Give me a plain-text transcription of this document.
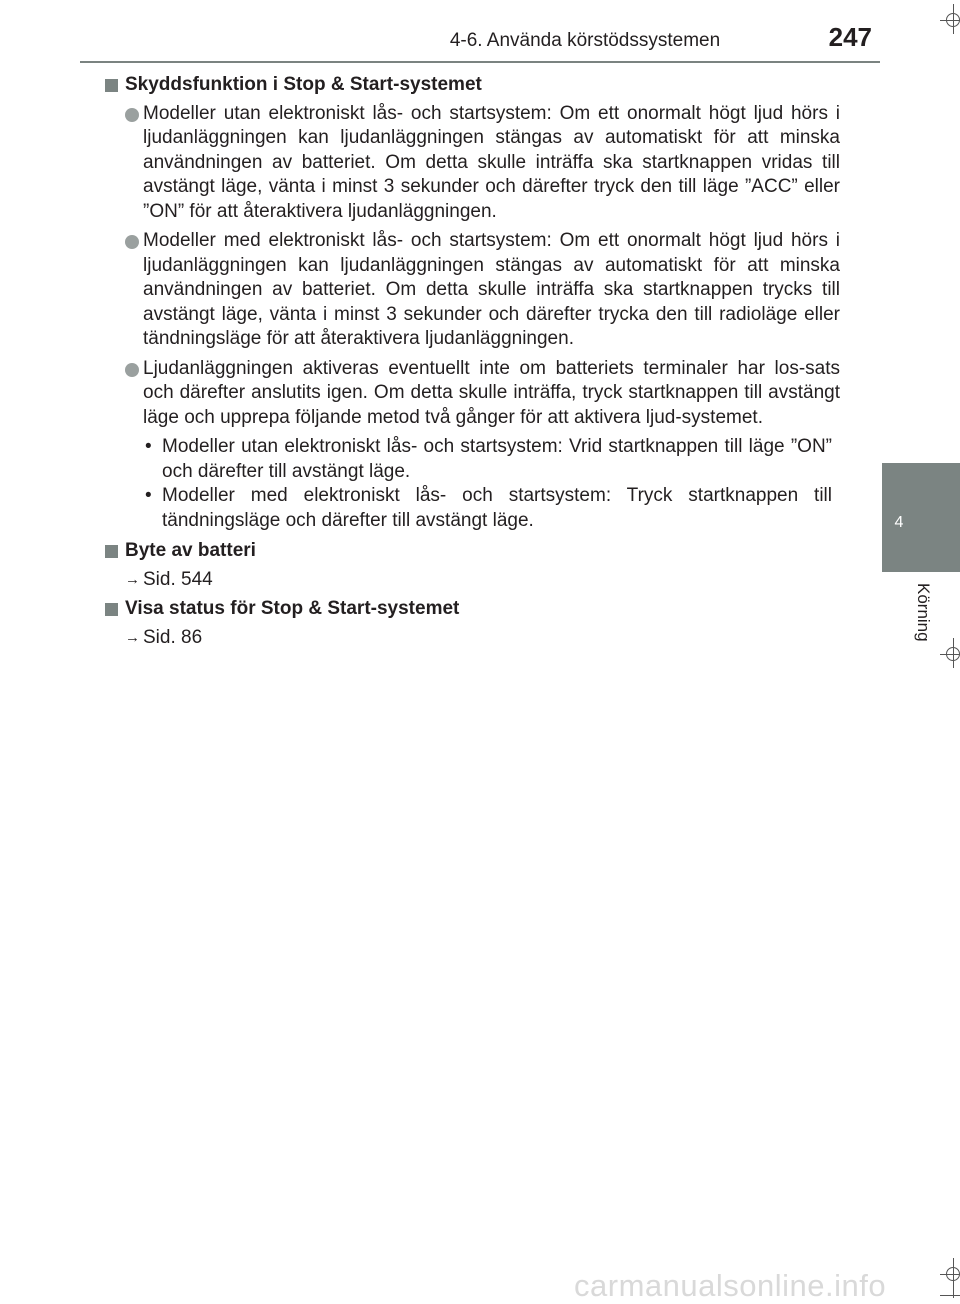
4-6. Använda körstödssystemen	247
4
Körning
Skyddsfunktion i Stop & Start-systemet
Modeller utan elektroniskt lås- och startsystem: Om ett onormalt högt ljud hörs i ljudanläggningen kan ljudanläggningen stängas av automatiskt för att minska användningen av batteriet. Om detta skulle inträffa ska startknappen vridas till avstängt läge, vänta i minst 3 sekunder och därefter tryck den till läge ”ACC” eller ”ON” för att återaktivera ljudanläggningen.
Modeller med elektroniskt lås- och startsystem: Om ett onormalt högt ljud hörs i ljudanläggningen kan ljudanläggningen stängas av automatiskt för att minska användningen av batteriet. Om detta skulle inträffa ska startknappen trycks till avstängt läge, vänta i minst 3 sekunder och därefter trycka den till radioläge eller tändningsläge för att återaktivera ljudanläggningen.
Ljudanläggningen aktiveras eventuellt inte om batteriets terminaler har los-sats och därefter anslutits igen. Om detta skulle inträffa, tryck startknappen till avstängt läge och upprepa följande metod två gånger för att aktivera ljud-systemet.
• Modeller utan elektroniskt lås- och startsystem: Vrid startknappen till läge ”ON” och därefter till avstängt läge.
• Modeller med elektroniskt lås- och startsystem: Tryck startknappen till tändningsläge och därefter till avstängt läge.
Byte av batteri
→ Sid. 544
Visa status för Stop & Start-systemet
→ Sid. 86
carmanualsonline.info
